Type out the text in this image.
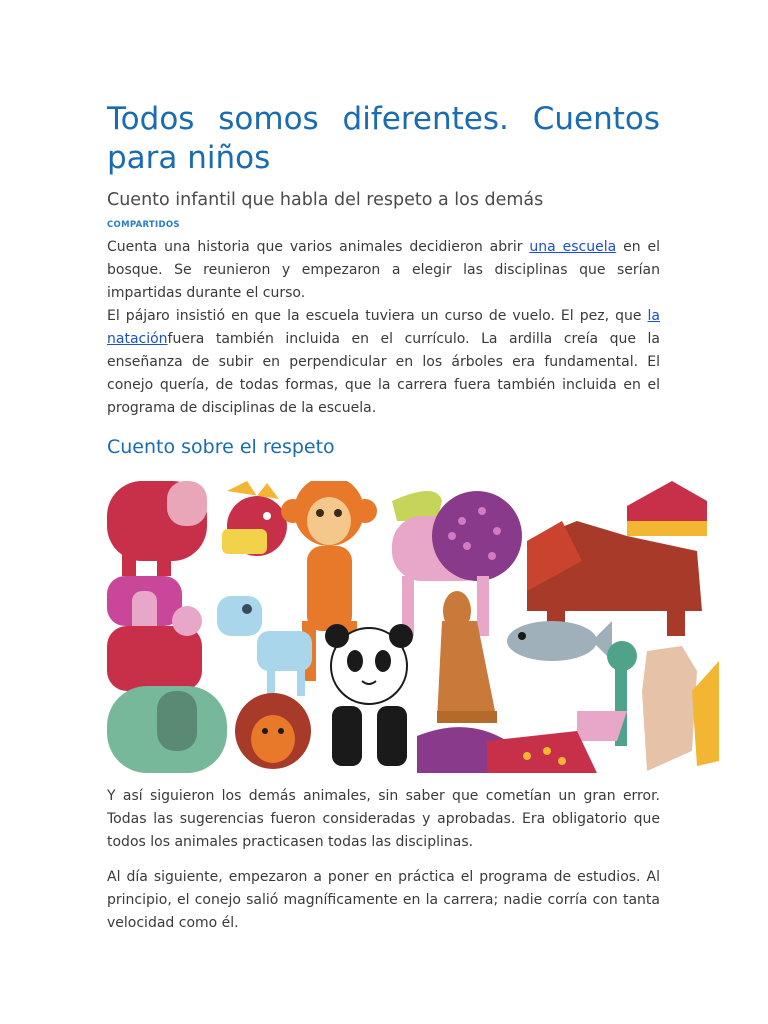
Todos somos diferentes. Cuentos para niños
Cuento infantil que habla del respeto a los demás
COMPARTIDOS

Cuenta una historia que varios animales decidieron abrir una escuela en el bosque. Se reunieron y empezaron a elegir las disciplinas que serían impartidas durante el curso.

El pájaro insistió en que la escuela tuviera un curso de vuelo. El pez, que la nataciónfuera también incluida en el currículo. La ardilla creía que la enseñanza de subir en perpendicular en los árboles era fundamental. El conejo quería, de todas formas, que la carrera fuera también incluida en el programa de disciplinas de la escuela.

Cuento sobre el respeto

Y así siguieron los demás animales, sin saber que cometían un gran error. Todas las sugerencias fueron consideradas y aprobadas. Era obligatorio que todos los animales practicasen todas las disciplinas.

Al día siguiente, empezaron a poner en práctica el programa de estudios. Al principio, el conejo salió magníficamente en la carrera; nadie corría con tanta velocidad como él.
